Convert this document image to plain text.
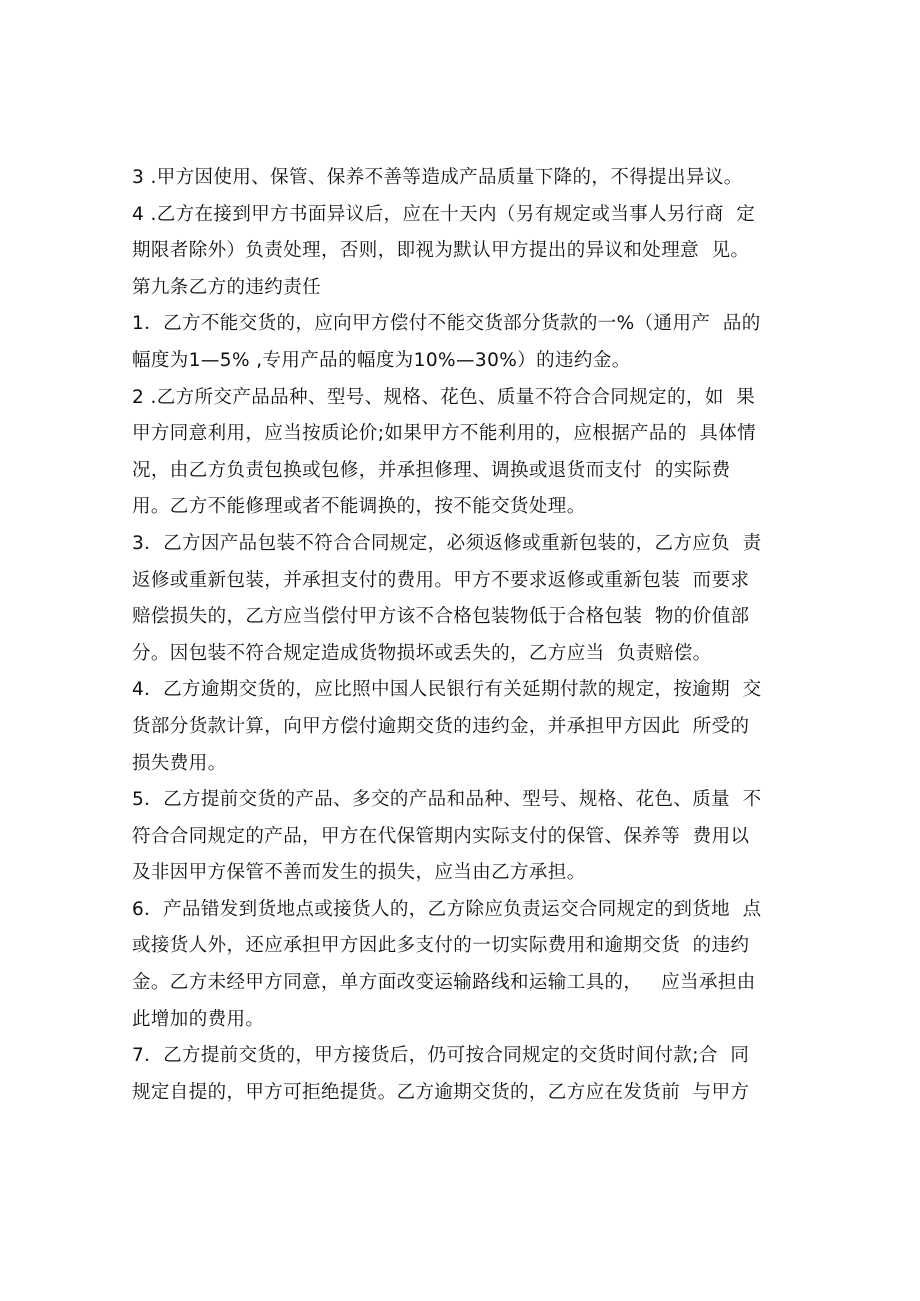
3 .甲方因使用、保管、保养不善等造成产品质量下降的，不得提出异议。
4 .乙方在接到甲方书面异议后，应在十天内（另有规定或当事人另行商  定
期限者除外）负责处理，否则，即视为默认甲方提出的异议和处理意  见。
第九条乙方的违约责任
1．乙方不能交货的，应向甲方偿付不能交货部分货款的一%（通用产  品的
幅度为1—5% ,专用产品的幅度为10%—30%）的违约金。
2 .乙方所交产品品种、型号、规格、花色、质量不符合合同规定的，如  果
甲方同意利用，应当按质论价;如果甲方不能利用的，应根据产品的  具体情
况，由乙方负责包换或包修，并承担修理、调换或退货而支付  的实际费
用。乙方不能修理或者不能调换的，按不能交货处理。
3．乙方因产品包装不符合合同规定，必须返修或重新包装的，乙方应负  责
返修或重新包装，并承担支付的费用。甲方不要求返修或重新包装  而要求
赔偿损失的，乙方应当偿付甲方该不合格包装物低于合格包装  物的价值部
分。因包装不符合规定造成货物损坏或丢失的，乙方应当  负责赔偿。
4．乙方逾期交货的，应比照中国人民银行有关延期付款的规定，按逾期  交
货部分货款计算，向甲方偿付逾期交货的违约金，并承担甲方因此  所受的
损失费用。
5．乙方提前交货的产品、多交的产品和品种、型号、规格、花色、质量  不
符合合同规定的产品，甲方在代保管期内实际支付的保管、保养等  费用以
及非因甲方保管不善而发生的损失，应当由乙方承担。
6．产品错发到货地点或接货人的，乙方除应负责运交合同规定的到货地  点
或接货人外，还应承担甲方因此多支付的一切实际费用和逾期交货  的违约
金。乙方未经甲方同意，单方面改变运输路线和运输工具的，   应当承担由
此增加的费用。
7．乙方提前交货的，甲方接货后，仍可按合同规定的交货时间付款;合  同
规定自提的，甲方可拒绝提货。乙方逾期交货的，乙方应在发货前  与甲方
